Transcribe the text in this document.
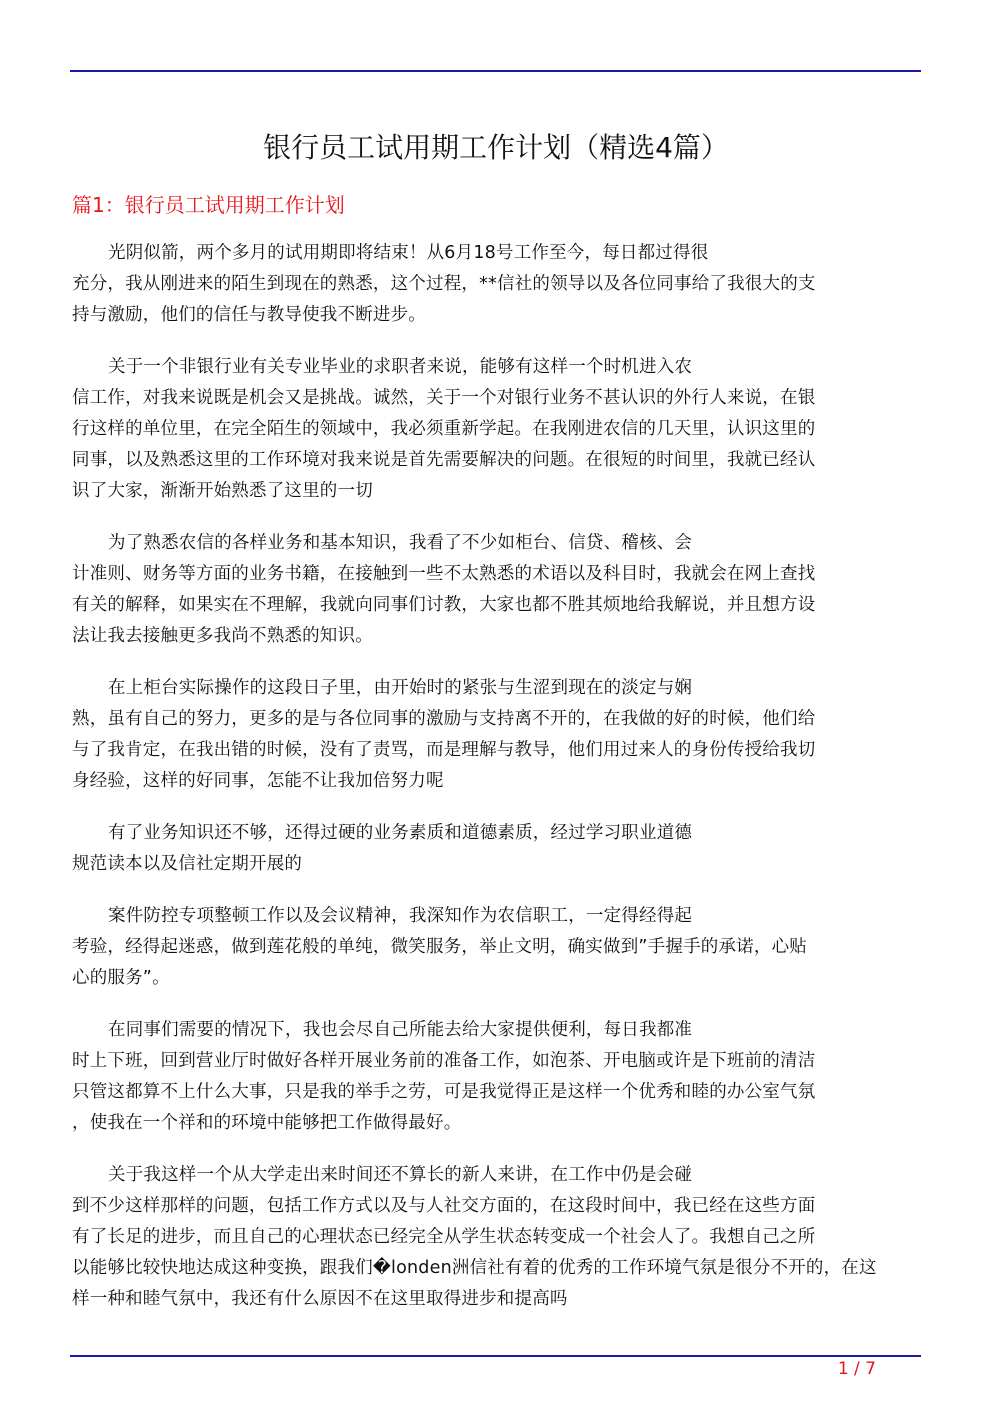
银行员工试用期工作计划（精选4篇）
篇1：银行员工试用期工作计划
光阴似箭，两个多月的试用期即将结束！从6月18号工作至今，每日都过得很
充分，我从刚进来的陌生到现在的熟悉，这个过程，**信社的领导以及各位同事给了我很大的支
持与激励，他们的信任与教导使我不断进步。
关于一个非银行业有关专业毕业的求职者来说，能够有这样一个时机进入农
信工作，对我来说既是机会又是挑战。诚然，关于一个对银行业务不甚认识的外行人来说，在银
行这样的单位里，在完全陌生的领域中，我必须重新学起。在我刚进农信的几天里，认识这里的
同事，以及熟悉这里的工作环境对我来说是首先需要解决的问题。在很短的时间里，我就已经认
识了大家，渐渐开始熟悉了这里的一切
为了熟悉农信的各样业务和基本知识，我看了不少如柜台、信贷、稽核、会
计准则、财务等方面的业务书籍，在接触到一些不太熟悉的术语以及科目时，我就会在网上查找
有关的解释，如果实在不理解，我就向同事们讨教，大家也都不胜其烦地给我解说，并且想方设
法让我去接触更多我尚不熟悉的知识。
在上柜台实际操作的这段日子里，由开始时的紧张与生涩到现在的淡定与娴
熟，虽有自己的努力，更多的是与各位同事的激励与支持离不开的，在我做的好的时候，他们给
与了我肯定，在我出错的时候，没有了责骂，而是理解与教导，他们用过来人的身份传授给我切
身经验，这样的好同事，怎能不让我加倍努力呢
有了业务知识还不够，还得过硬的业务素质和道德素质，经过学习职业道德
规范读本以及信社定期开展的
案件防控专项整顿工作以及会议精神，我深知作为农信职工，一定得经得起
考验，经得起迷惑，做到莲花般的单纯，微笑服务，举止文明，确实做到”手握手的承诺，心贴
心的服务”。
在同事们需要的情况下，我也会尽自己所能去给大家提供便利，每日我都准
时上下班，回到营业厅时做好各样开展业务前的准备工作，如泡茶、开电脑或许是下班前的清洁
只管这都算不上什么大事，只是我的举手之劳，可是我觉得正是这样一个优秀和睦的办公室气氛
，使我在一个祥和的环境中能够把工作做得最好。
关于我这样一个从大学走出来时间还不算长的新人来讲，在工作中仍是会碰
到不少这样那样的问题，包括工作方式以及与人社交方面的，在这段时间中，我已经在这些方面
有了长足的进步，而且自己的心理状态已经完全从学生状态转变成一个社会人了。我想自己之所
以能够比较快地达成这种变换，跟我们�londen洲信社有着的优秀的工作环境气氛是很分不开的，在这
样一种和睦气氛中，我还有什么原因不在这里取得进步和提高吗
1 / 7
